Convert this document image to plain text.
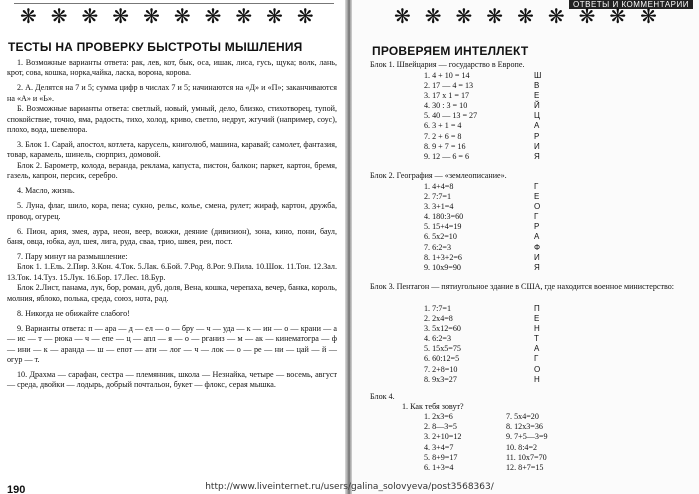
❋ ❋ ❋ ❋ ❋ ❋ ❋ ❋ ❋ ❋
ТЕСТЫ НА ПРОВЕРКУ БЫСТРОТЫ МЫШЛЕНИЯ

1. Возможные варианты ответа: рак, лев, кот, бык, оса, ишак, лиса, гусь, щука; волк, лань, крот, сова, кошка, норка,чайка, ласка, ворона, корова.

2. А. Делятся на 7 и 5; сумма цифр в числах 7 и 5; начинаются на «Д» и «П»; заканчиваются на «А» и «Ь».

Б. Возможные варианты ответа: светлый, новый, умный, дело, близко, стихотворец, тупой, спокойствие, точно, яма, радость, тихо, холод, криво, светло, недруг, жгучий (например, соус), плохо, вода, шевелюра.

3. Блок 1. Сарай, апостол, котлета, карусель, книголюб, машина, каравай; самолет, фантазия, товар, карамель, шинель, сюрприз, домовой.

Блок 2. Барометр, колода, веранда, реклама, капуста, пистон, балкон; паркет, картон, бремя, газель, капрон, персик, серебро.

4. Масло, жизнь.

5. Луна, флаг, шило, кора, пена; сукно, рельс, колье, смена, рулет; жираф, картон, дружба, провод, огурец.

6. Пион, ария, змея, аура, неон, веер, вожжи, деяние (дивизион), зона, кино, пони, баул, баня, овца, юбка, аул, шея, лига, руда, сваа, трио, швея, реи, пост.

7. Пару минут на размышление:

Блок 1. 1.Ель. 2.Пир. 3.Кон. 4.Ток. 5.Лак. 6.Бой. 7.Род. 8.Рог. 9.Пила. 10.Шок. 11.Тон. 12.Зал. 13.Ток. 14.Туз. 15.Лук. 16.Бор. 17.Лес. 18.Бур.

Блок 2.Лист, панама, лук, бор, роман, дуб, доля, Вена, кошка, черепаха, вечер, банка, король, молния, яблоко, полька, среда, союз, нота, рад.

8. Никогда не обижайте слабого!

9. Варианты ответа: п — ара — д — ел — о — бру — ч — уда — к — ин — о — крани — а — ис — т — рюка — ч — епе — ц — апл — я — о — рганиз — м — ак — кинематогра — ф — ини — к — аранда — ш — епот — ати — лог — ч — лок — о — ре — ни — цай — й — огур — т.

10. Драхма — сарафан, сестра — племянник, школа — Незнайка, четыре — восемь, август — среда, двойки — лодырь, добрый почтальон, букет — флокс, серая мышка.

190
ОТВЕТЫ И КОММЕНТАРИИ
❋ ❋ ❋ ❋ ❋ ❋ ❋ ❋ ❋
ПРОВЕРЯЕМ ИНТЕЛЛЕКТ
Блок 1. Швейцария — государство в Европе.
1. 4 + 10 = 14	Ш
2. 17 — 4 = 13	В
3. 17 х 1 = 17	Е
4. 30 : 3 = 10	Й
5. 40 — 13 = 27	Ц
6. 3 + 1 = 4	А
7. 2 + 6 = 8	Р
8. 9 + 7 = 16	И
9. 12 — 6 = 6	Я
Блок 2. География — «землеописание».
1. 4+4=8	Г
2. 7:7=1	Е
3. 3+1=4	О
4. 180:3=60	Г
5. 15+4=19	Р
6. 5х2=10	А
7. 6:2=3	Ф
8. 1+3+2=6	И
9. 10х9=90	Я
Блок 3. Пентагон — пятиугольное здание в США, где находится военное министерство:
1. 7:7=1	П
2. 2х4=8	Е
3. 5х12=60	Н
4. 6:2=3	Т
5. 15х5=75	А
6. 60:12=5	Г
7. 2+8=10	О
8. 9х3=27	Н
Блок 4.
1. Как тебя зовут?
1. 2х3=6
2. 8—3=5
3. 2+10=12
4. 3+4=7
5. 8+9=17
6. 1+3=4
7. 5х4=20
8. 12х3=36
9. 7+5—3=9
10. 8:4=2
11. 10х7=70
12. 8+7=15
http://www.liveinternet.ru/users/galina_solovyeva/post3568363/
